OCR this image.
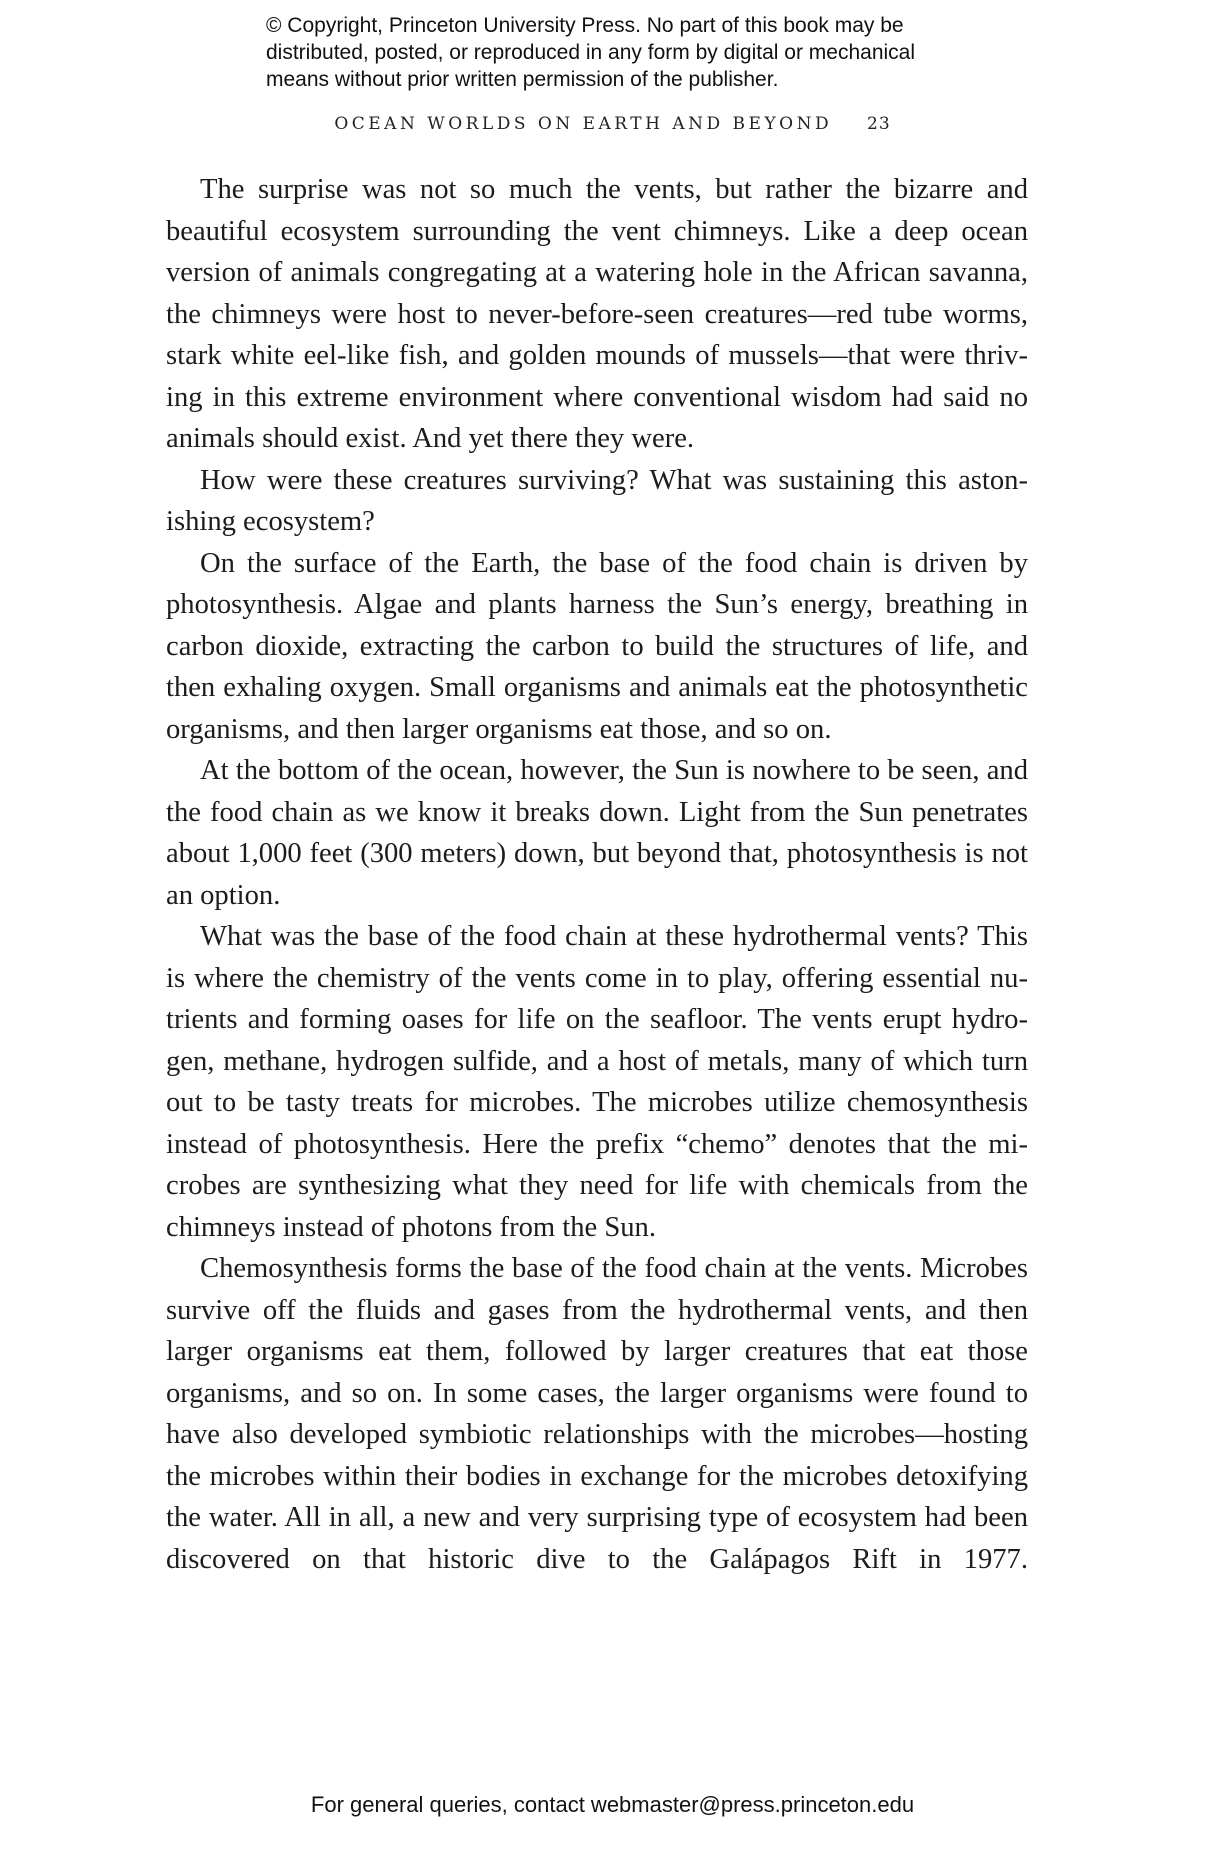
© Copyright, Princeton University Press. No part of this book may be
distributed, posted, or reproduced in any form by digital or mechanical
means without prior written permission of the publisher.
OCEAN WORLDS ON EARTH AND BEYOND 23

The surprise was not so much the vents, but rather the bizarre and beautiful ecosystem surrounding the vent chimneys. Like a deep ocean version of animals congregating at a watering hole in the African savanna, the chimneys were host to never-before-seen creatures—red tube worms, stark white eel-like fish, and golden mounds of mussels—that were thriving in this extreme environment where conventional wisdom had said no animals should exist. And yet there they were.

How were these creatures surviving? What was sustaining this astonishing ecosystem?

On the surface of the Earth, the base of the food chain is driven by photosynthesis. Algae and plants harness the Sun’s energy, breathing in carbon dioxide, extracting the carbon to build the structures of life, and then exhaling oxygen. Small organisms and animals eat the photosynthetic organisms, and then larger organisms eat those, and so on.

At the bottom of the ocean, however, the Sun is nowhere to be seen, and the food chain as we know it breaks down. Light from the Sun penetrates about 1,000 feet (300 meters) down, but beyond that, photosynthesis is not an option.

What was the base of the food chain at these hydrothermal vents? This is where the chemistry of the vents come in to play, offering essential nutrients and forming oases for life on the seafloor. The vents erupt hydrogen, methane, hydrogen sulfide, and a host of metals, many of which turn out to be tasty treats for microbes. The microbes utilize chemosynthesis instead of photosynthesis. Here the prefix “chemo” denotes that the microbes are synthesizing what they need for life with chemicals from the chimneys instead of photons from the Sun.

Chemosynthesis forms the base of the food chain at the vents. Microbes survive off the fluids and gases from the hydrothermal vents, and then larger organisms eat them, followed by larger creatures that eat those organisms, and so on. In some cases, the larger organisms were found to have also developed symbiotic relationships with the microbes—hosting the microbes within their bodies in exchange for the microbes detoxifying the water. All in all, a new and very surprising type of ecosystem had been discovered on that historic dive to the Galápagos Rift in 1977.

For general queries, contact webmaster@press.princeton.edu
